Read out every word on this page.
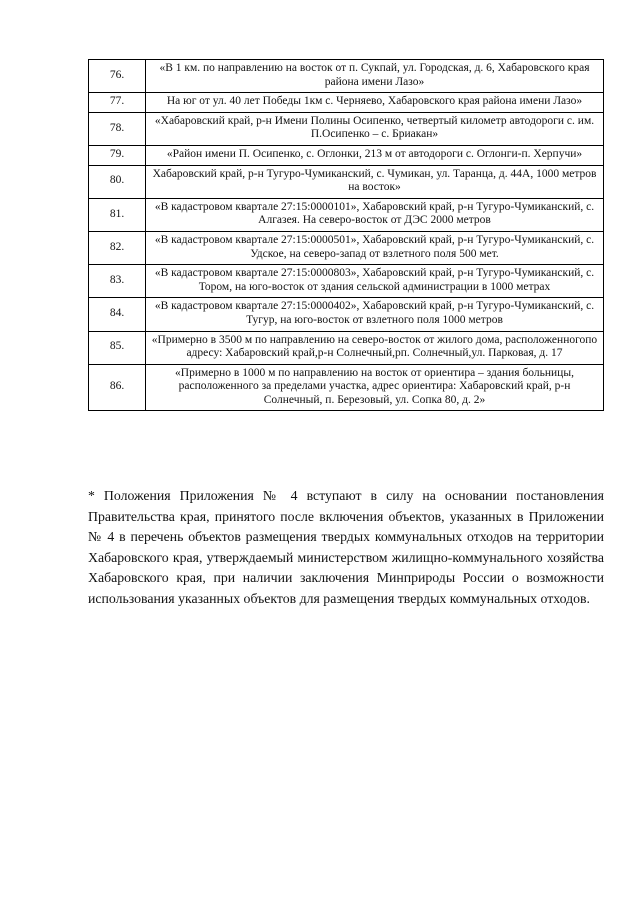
76.	«В 1 км. по направлению на восток от п. Сукпай, ул. Городская, д. 6, Хабаровского края района имени Лазо»
77.	На юг от ул. 40 лет Победы 1км с. Черняево, Хабаровского края района имени Лазо»
78.	«Хабаровский край, р-н Имени Полины Осипенко, четвертый километр автодороги с. им. П.Осипенко – с. Бриакан»
79.	«Район имени П. Осипенко, с. Оглонки, 213 м от автодороги с. Оглонги-п. Херпучи»
80.	Хабаровский край, р-н Тугуро-Чумиканский, с. Чумикан, ул. Таранца, д. 44А, 1000 метров на восток»
81.	«В кадастровом квартале 27:15:0000101», Хабаровский край, р-н Тугуро-Чумиканский, с. Алгазея. На северо-восток от ДЭС 2000 метров
82.	«В кадастровом квартале 27:15:0000501», Хабаровский край, р-н Тугуро-Чумиканский, с. Удское, на северо-запад от взлетного поля 500 мет.
83.	«В кадастровом квартале 27:15:0000803», Хабаровский край, р-н Тугуро-Чумиканский, с. Тором, на юго-восток от здания сельской администрации в 1000 метрах
84.	«В кадастровом квартале 27:15:0000402», Хабаровский край, р-н Тугуро-Чумиканский, с. Тугур, на юго-восток от взлетного поля 1000 метров
85.	«Примерно в 3500 м по направлению на северо-восток от жилого дома, расположенногопо адресу: Хабаровский край,р-н Солнечный,рп. Солнечный,ул. Парковая, д. 17
86.	«Примерно в 1000 м по направлению на восток от ориентира – здания больницы, расположенного за пределами участка, адрес ориентира: Хабаровский край, р-н Солнечный, п. Березовый, ул. Сопка 80, д. 2»

* Положения Приложения № 4 вступают в силу на основании постановления Правительства края, принятого после включения объектов, указанных в Приложении № 4 в перечень объектов размещения твердых коммунальных отходов на территории Хабаровского края, утверждаемый министерством жилищно-коммунального хозяйства Хабаровского края, при наличии заключения Минприроды России о возможности использования указанных объектов для размещения твердых коммунальных отходов.
